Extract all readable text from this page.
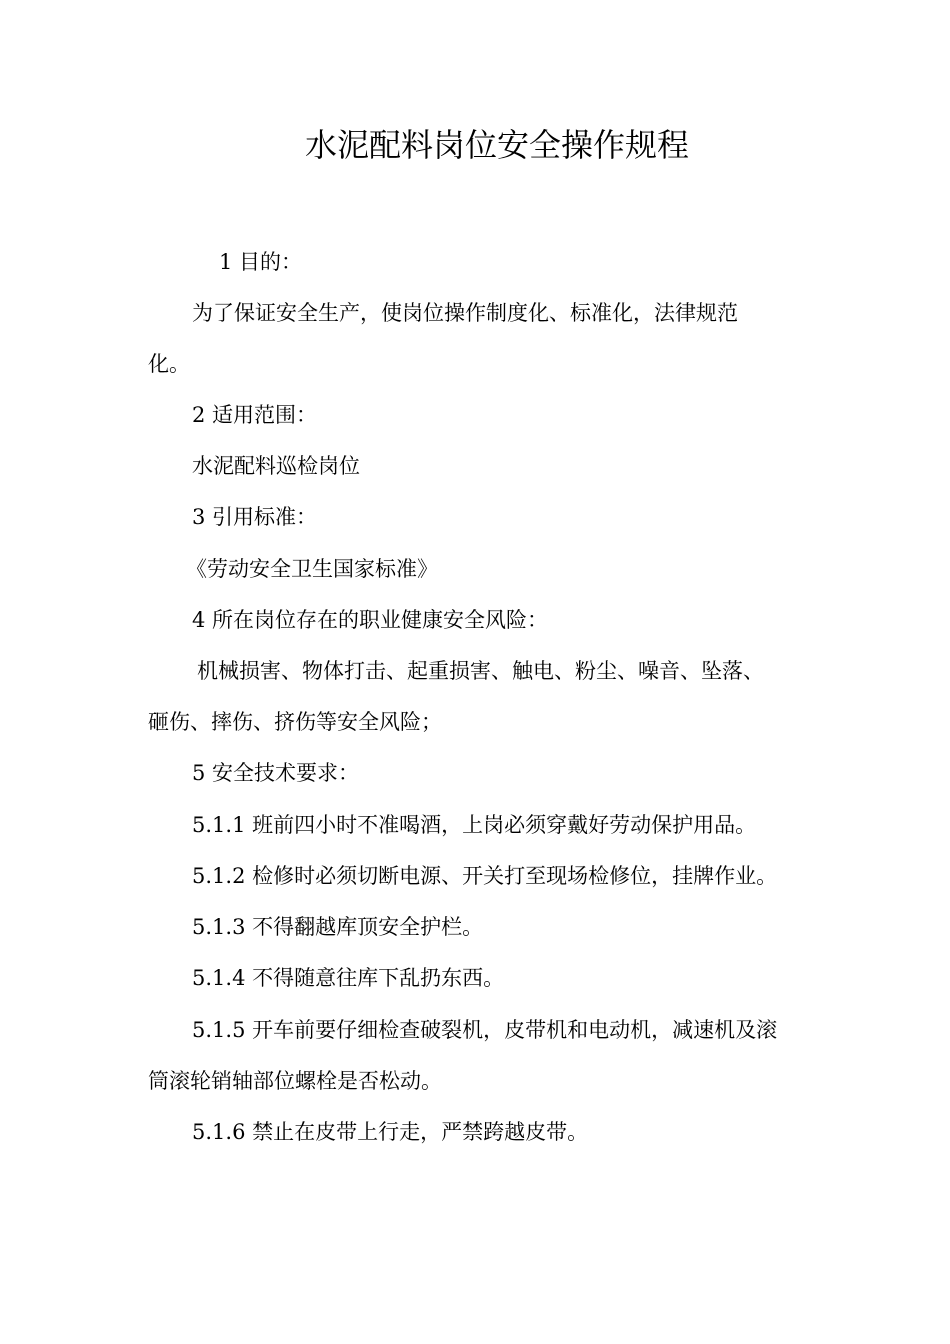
水泥配料岗位安全操作规程
1 目的：
为了保证安全生产，使岗位操作制度化、标准化，法律规范
化。
2 适用范围：
水泥配料巡检岗位
3 引用标准：
《劳动安全卫生国家标准》
4 所在岗位存在的职业健康安全风险：
机械损害、物体打击、起重损害、触电、粉尘、噪音、坠落、
砸伤、摔伤、挤伤等安全风险；
5 安全技术要求：
5.1.1 班前四小时不准喝酒，上岗必须穿戴好劳动保护用品。
5.1.2 检修时必须切断电源、开关打至现场检修位，挂牌作业。
5.1.3 不得翻越库顶安全护栏。
5.1.4 不得随意往库下乱扔东西。
5.1.5 开车前要仔细检查破裂机，皮带机和电动机，减速机及滚
筒滚轮销轴部位螺栓是否松动。
5.1.6 禁止在皮带上行走，严禁跨越皮带。
